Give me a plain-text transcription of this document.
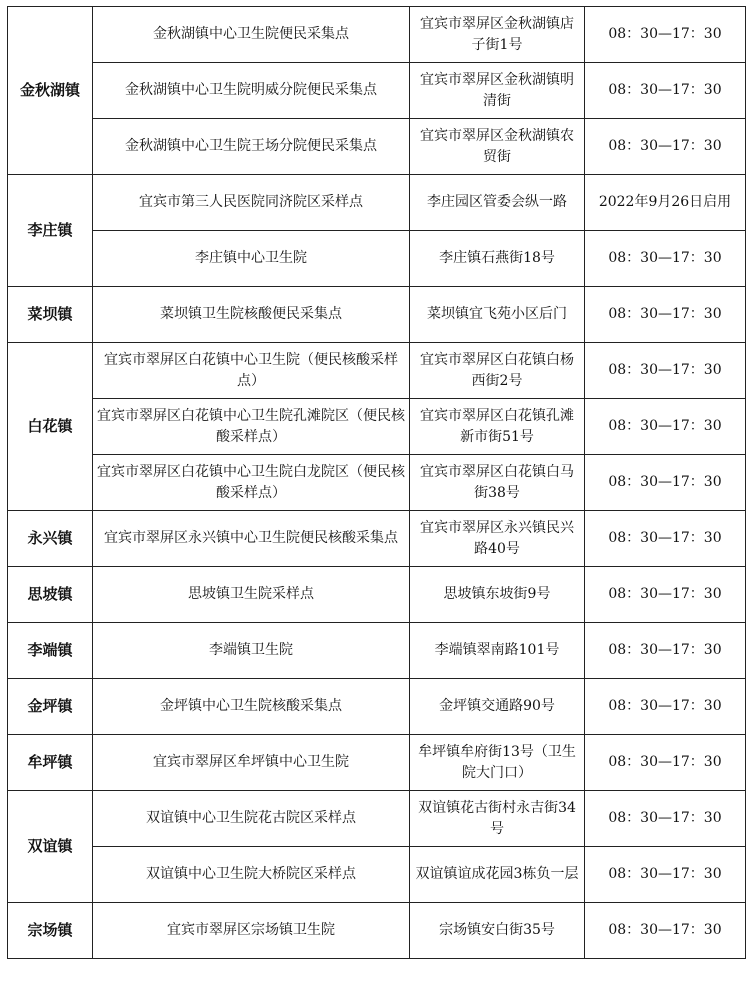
金秋湖镇	金秋湖镇中心卫生院便民采集点	宜宾市翠屏区金秋湖镇店子街1号	08：30—17：30
	金秋湖镇中心卫生院明威分院便民采集点	宜宾市翠屏区金秋湖镇明清街	08：30—17：30
	金秋湖镇中心卫生院王场分院便民采集点	宜宾市翠屏区金秋湖镇农贸街	08：30—17：30
李庄镇	宜宾市第三人民医院同济院区采样点	李庄园区管委会纵一路	2022年9月26日启用
	李庄镇中心卫生院	李庄镇石燕街18号	08：30—17：30
菜坝镇	菜坝镇卫生院核酸便民采集点	菜坝镇宜飞苑小区后门	08：30—17：30
白花镇	宜宾市翠屏区白花镇中心卫生院（便民核酸采样点）	宜宾市翠屏区白花镇白杨西街2号	08：30—17：30
	宜宾市翠屏区白花镇中心卫生院孔滩院区（便民核酸采样点）	宜宾市翠屏区白花镇孔滩新市街51号	08：30—17：30
	宜宾市翠屏区白花镇中心卫生院白龙院区（便民核酸采样点）	宜宾市翠屏区白花镇白马街38号	08：30—17：30
永兴镇	宜宾市翠屏区永兴镇中心卫生院便民核酸采集点	宜宾市翠屏区永兴镇民兴路40号	08：30—17：30
思坡镇	思坡镇卫生院采样点	思坡镇东坡街9号	08：30—17：30
李端镇	李端镇卫生院	李端镇翠南路101号	08：30—17：30
金坪镇	金坪镇中心卫生院核酸采集点	金坪镇交通路90号	08：30—17：30
牟坪镇	宜宾市翠屏区牟坪镇中心卫生院	牟坪镇牟府街13号（卫生院大门口）	08：30—17：30
双谊镇	双谊镇中心卫生院花古院区采样点	双谊镇花古街村永吉街34号	08：30—17：30
	双谊镇中心卫生院大桥院区采样点	双谊镇谊成花园3栋负一层	08：30—17：30
宗场镇	宜宾市翠屏区宗场镇卫生院	宗场镇安白街35号	08：30—17：30
